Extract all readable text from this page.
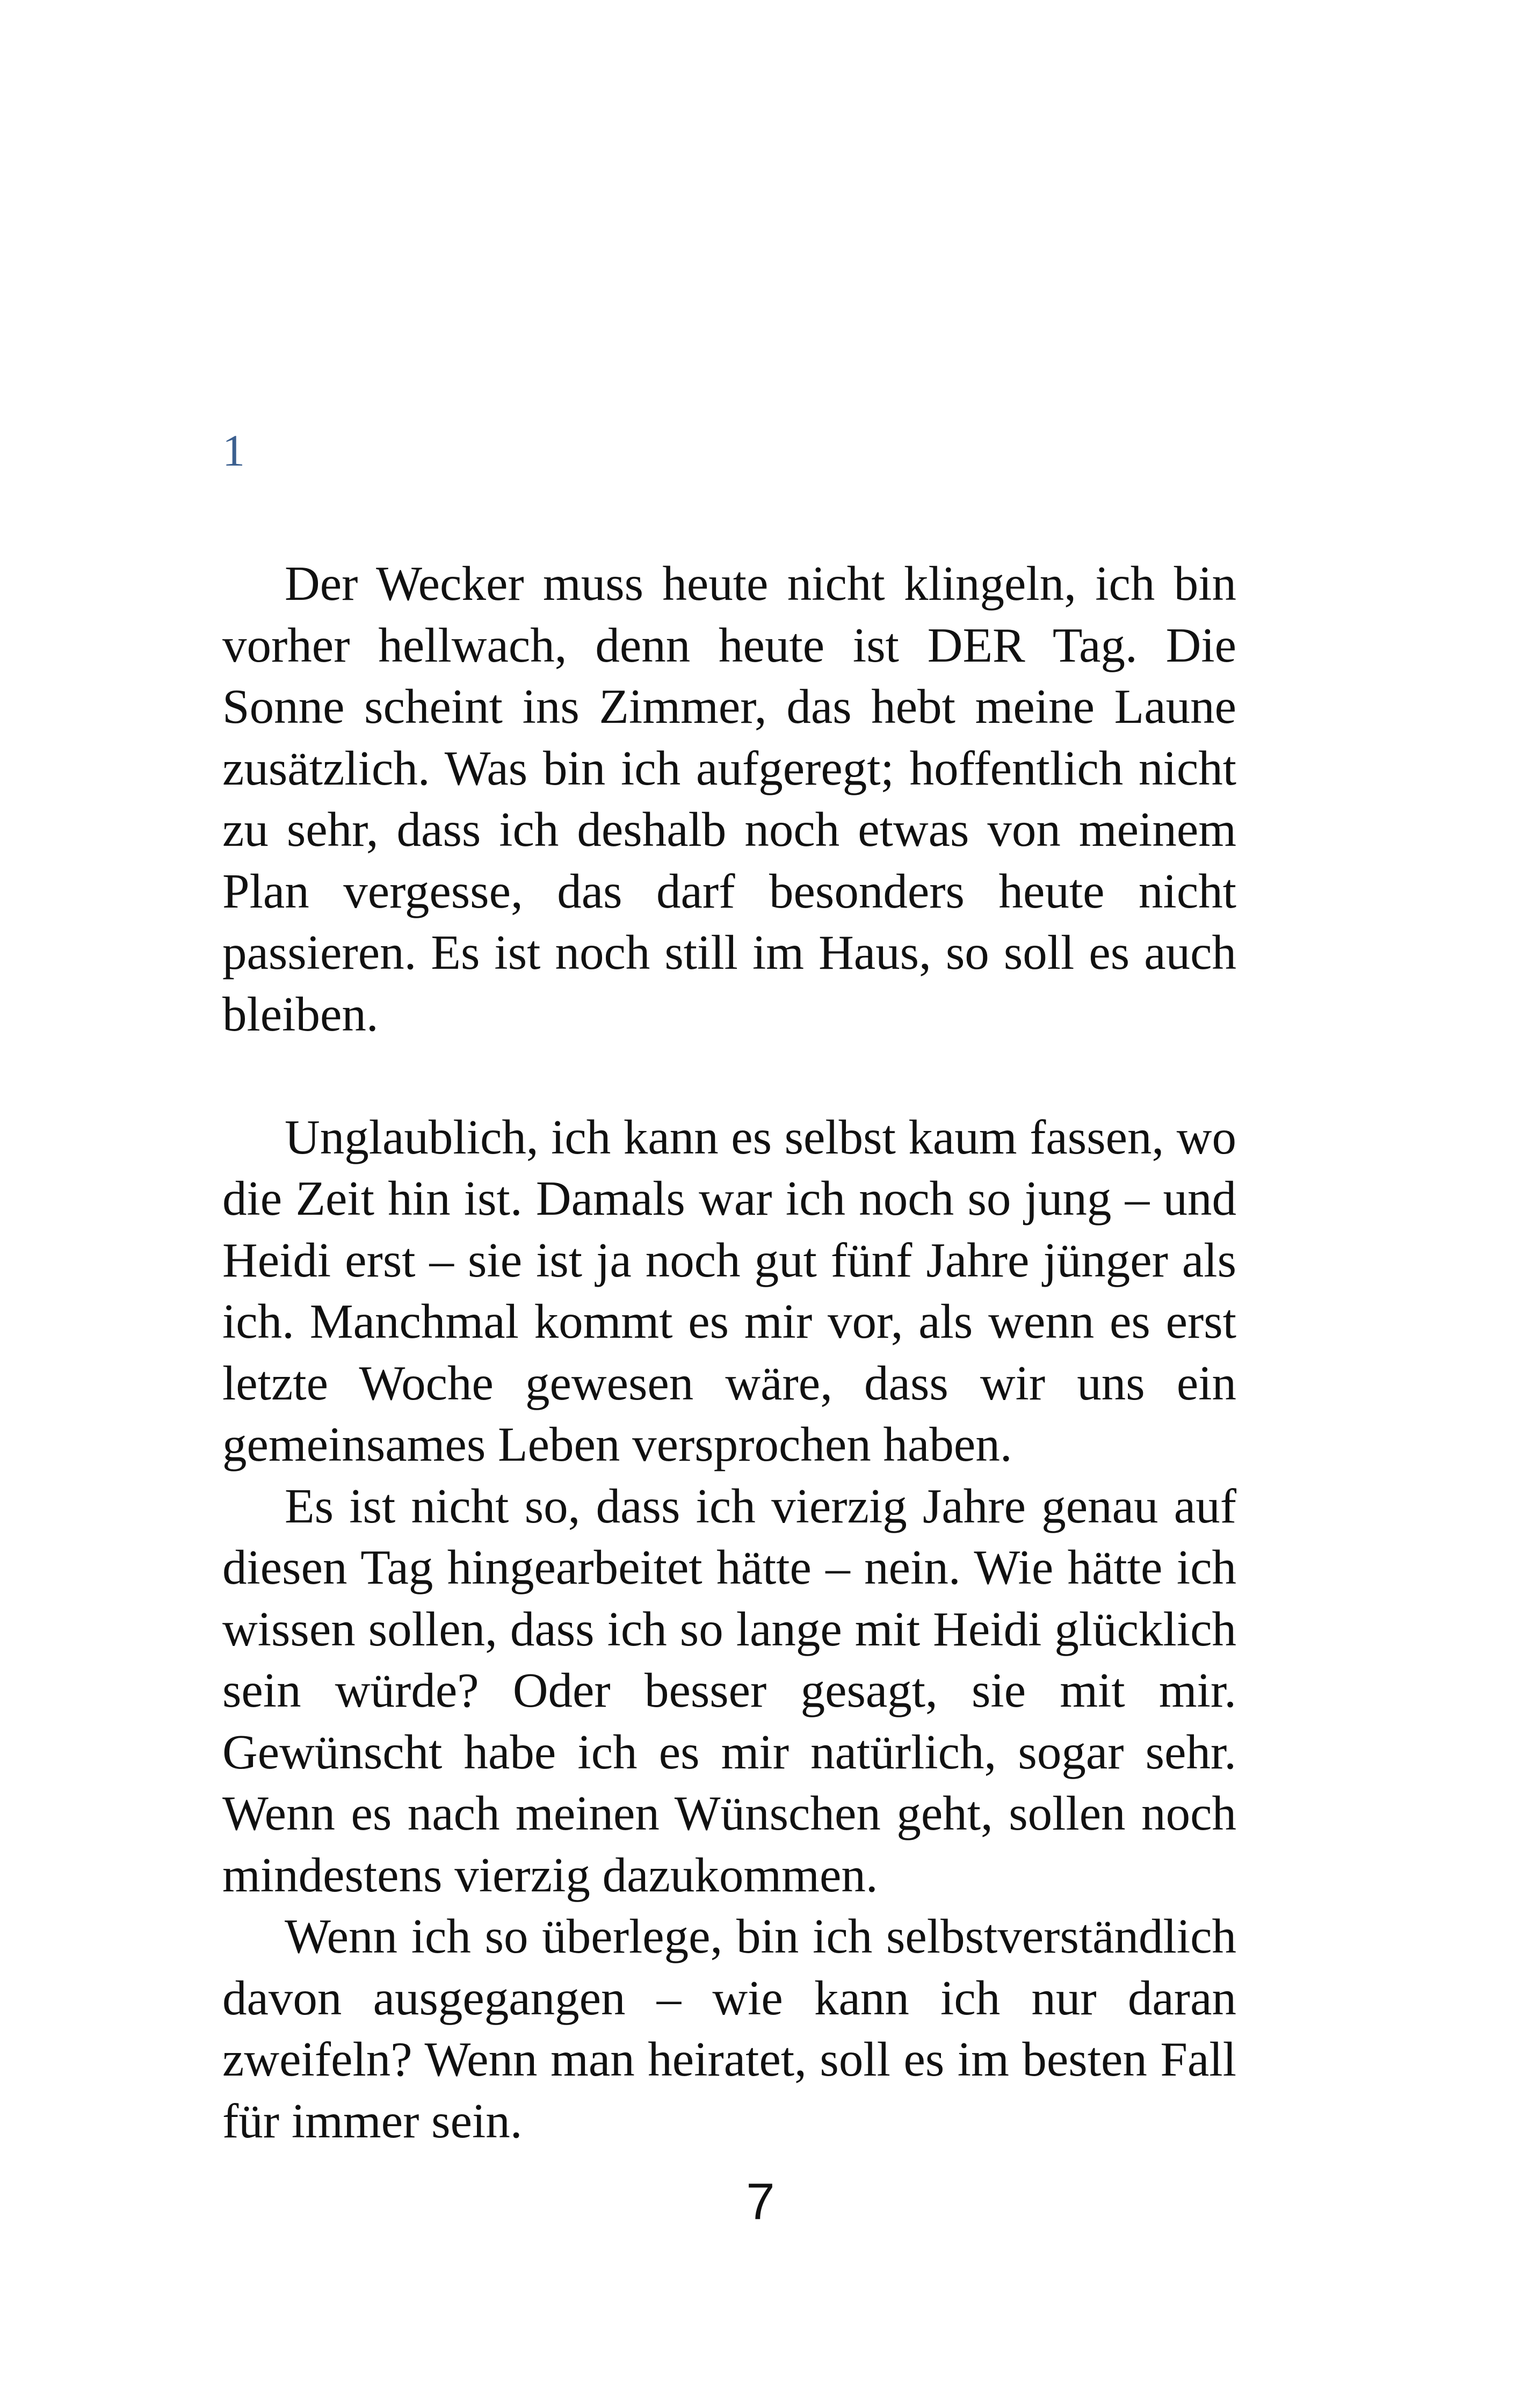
1

Der Wecker muss heute nicht klingeln, ich bin vorher hellwach, denn heute ist DER Tag. Die Sonne scheint ins Zimmer, das hebt meine Laune zusätzlich. Was bin ich aufgeregt; hoffentlich nicht zu sehr, dass ich deshalb noch etwas von meinem Plan vergesse, das darf besonders heute nicht passieren. Es ist noch still im Haus, so soll es auch bleiben.

Unglaublich, ich kann es selbst kaum fassen, wo die Zeit hin ist. Damals war ich noch so jung – und Heidi erst – sie ist ja noch gut fünf Jahre jünger als ich. Manchmal kommt es mir vor, als wenn es erst letzte Woche gewesen wäre, dass wir uns ein gemeinsames Leben versprochen haben.

Es ist nicht so, dass ich vierzig Jahre genau auf diesen Tag hingearbeitet hätte – nein. Wie hätte ich wissen sollen, dass ich so lange mit Heidi glücklich sein würde? Oder besser gesagt, sie mit mir. Gewünscht habe ich es mir natürlich, sogar sehr. Wenn es nach meinen Wünschen geht, sollen noch mindestens vierzig dazukommen.

Wenn ich so überlege, bin ich selbstverständlich davon ausgegangen – wie kann ich nur daran zweifeln? Wenn man heiratet, soll es im besten Fall für immer sein.

7
